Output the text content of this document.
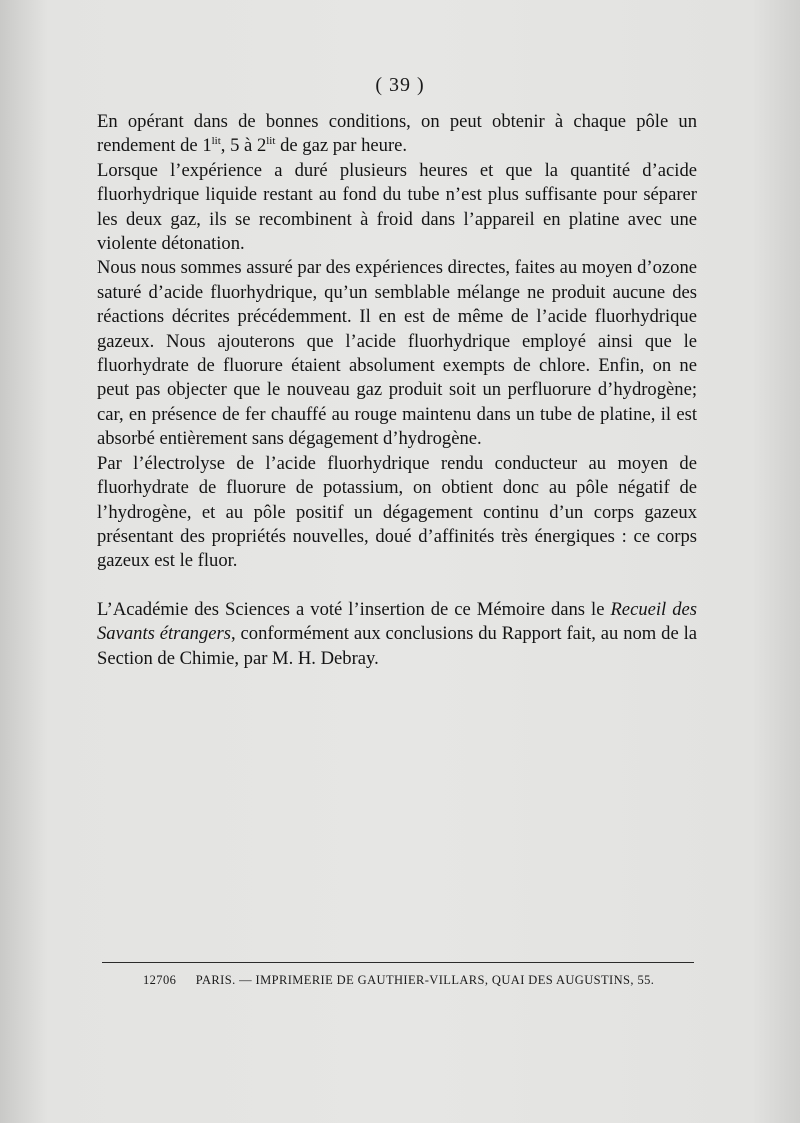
( 39 )

En opérant dans de bonnes conditions, on peut obtenir à chaque pôle un rendement de $1^{lit}$, 5 à $2^{lit}$ de gaz par heure.

Lorsque l’expérience a duré plusieurs heures et que la quantité d’acide fluorhydrique liquide restant au fond du tube n’est plus suffisante pour séparer les deux gaz, ils se recombinent à froid dans l’appareil en platine avec une violente détonation.

Nous nous sommes assuré par des expériences directes, faites au moyen d’ozone saturé d’acide fluorhydrique, qu’un semblable mélange ne produit aucune des réactions décrites précédemment. Il en est de même de l’acide fluorhydrique gazeux. Nous ajouterons que l’acide fluorhydrique employé ainsi que le fluorhydrate de fluorure étaient absolument exempts de chlore. Enfin, on ne peut pas objecter que le nouveau gaz produit soit un perfluorure d’hydrogène; car, en présence de fer chauffé au rouge maintenu dans un tube de platine, il est absorbé entièrement sans dégagement d’hydrogène.

Par l’électrolyse de l’acide fluorhydrique rendu conducteur au moyen de fluorhydrate de fluorure de potassium, on obtient donc au pôle négatif de l’hydrogène, et au pôle positif un dégagement continu d’un corps gazeux présentant des propriétés nouvelles, doué d’affinités très énergiques : ce corps gazeux est le fluor.

L’Académie des Sciences a voté l’insertion de ce Mémoire dans le Recueil des Savants étrangers, conformément aux conclusions du Rapport fait, au nom de la Section de Chimie, par M. H. Debray.

12706 PARIS. — IMPRIMERIE DE GAUTHIER-VILLARS, QUAI DES AUGUSTINS, 55.
